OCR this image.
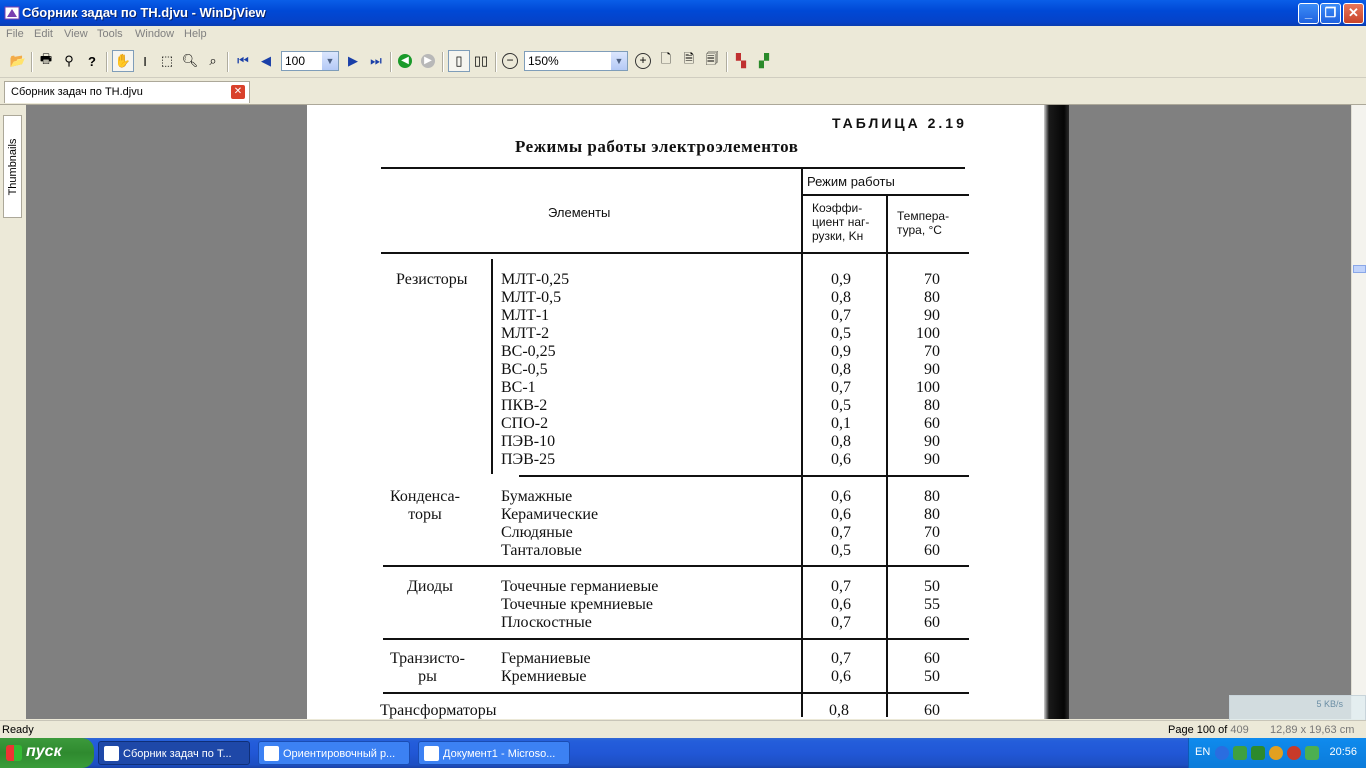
Сборник задач по ТН.djvu - WinDjView	_ ❐ ✕
File Edit View Tools Window Help
📂 🖶 ⚲ ? ✋ I ⬚ 🔍︎ ⌕ ⏮ ◀	100	▼ ▶ ⏭	◀	▶ ▯ ▯▯	−	150%	▼	+	🗋 🗎 🗐 ▚ ▞
Сборник задач по ТН.djvu	✕
Thumbnails
ТАБЛИЦА 2.19
Режимы работы электроэлементов
Элементы
Режим работы
Коэффи-
циент наг-
рузки, Kн
Темпера-
тура, °С
Резисторы МЛТ-0,25	0,9	70
МЛТ-0,5	0,8	80
МЛТ-1	0,7	90
МЛТ-2	0,5	100
ВС-0,25	0,9	70
ВС-0,5	0,8	90
ВС-1	0,7	100
ПКВ-2	0,5	80
СПО-2	0,1	60
ПЭВ-10	0,8	90
ПЭВ-25	0,6	90
Конденса-
торы
Бумажные	0,6	80
Керамические	0,6	80
Слюдяные	0,7	70
Танталовые	0,5	60
Диоды	Точечные германиевые	0,7	50
Точечные кремниевые	0,6	55
Плоскостные	0,7	60
Транзисто-
ры
Германиевые	0,7	60
Кремниевые	0,6	50
Трансформаторы	0,8	60	5 KB/s
Ready	Page 100 of 409 12,89 x 19,63 cm
пуск	Сборник задач по Т...	Ориентировочный р...	Документ1 - Microso...	EN	20:56
